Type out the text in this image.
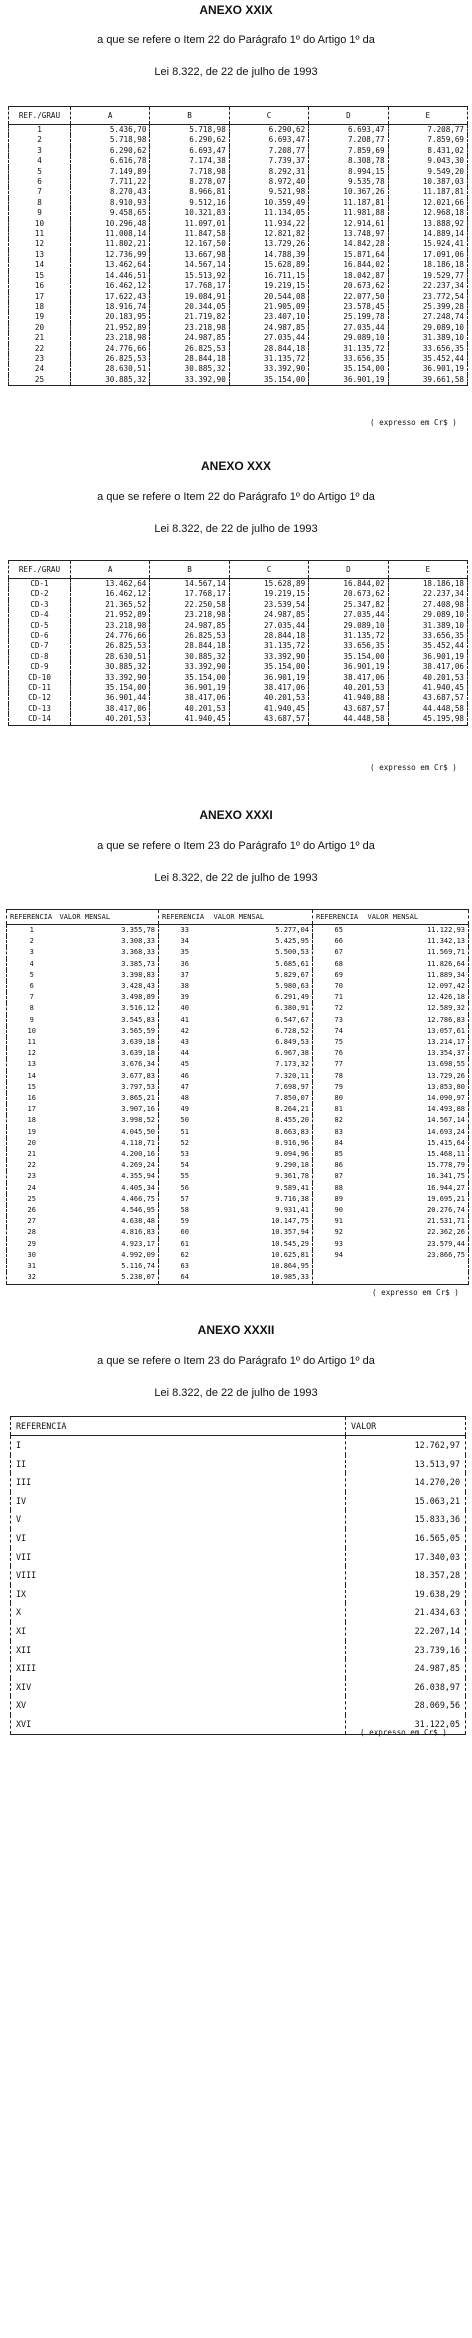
ANEXO XXIX
a que se refere o Item 22 do Parágrafo 1º do Artigo 1º da
Lei 8.322, de 22 de julho de 1993
REF./GRAU	A	B	C	D	E
1	5.436,70	5.718,98	6.290,62	6.693,47	7.208,77
2	5.718,98	6.290,62	6.693,47	7.208,77	7.859,69
3	6.290,62	6.693,47	7.208,77	7.859,69	8.431,02
4	6.616,78	7.174,38	7.739,37	8.308,78	9.043,30
5	7.149,89	7.718,98	8.292,31	8.994,15	9.549,20
6	7.711,22	8.278,07	8.972,40	9.535,78	10.387,03
7	8.270,43	8.966,81	9.521,98	10.367,26	11.187,81
8	8.910,93	9.512,16	10.359,49	11.187,81	12.021,66
9	9.458,65	10.321,83	11.134,05	11.981,88	12.968,18
10	10.296,48	11.097,01	11.934,22	12.914,61	13.888,92
11	11.008,14	11.847,58	12.821,82	13.748,97	14.889,14
12	11.802,21	12.167,50	13.729,26	14.842,28	15.924,41
13	12.736,99	13.667,98	14.788,39	15.871,64	17.091,06
14	13.462,64	14.567,14	15.628,89	16.844,02	18.186,18
15	14.446,51	15.513,92	16.711,15	18.042,87	19.529,77
16	16.462,12	17.768,17	19.219,15	20.673,62	22.237,34
17	17.622,43	19.084,91	20.544,08	22.077,50	23.772,54
18	18.916,74	20.344,05	21.905,09	23.578,45	25.399,28
19	20.183,95	21.719,82	23.407,10	25.199,78	27.248,74
20	21.952,89	23.218,98	24.987,85	27.035,44	29.089,10
21	23.218,98	24.987,85	27.035,44	29.089,10	31.389,10
22	24.776,66	26.825,53	28.844,18	31.135,72	33.656,35
23	26.825,53	28.844,18	31.135,72	33.656,35	35.452,44
24	28.630,51	30.885,32	33.392,90	35.154,00	36.901,19
25	30.885,32	33.392,90	35.154,00	36.901,19	39.661,58
( expresso em Cr$ )
ANEXO XXX
a que se refere o Item 22 do Parágrafo 1º do Artigo 1º da
Lei 8.322, de 22 de julho de 1993
REF./GRAU	A	B	C	D	E
CD-1	13.462,64	14.567,14	15.628,89	16.844,02	18.186,18
CD-2	16.462,12	17.768,17	19.219,15	20.673,62	22.237,34
CD-3	21.365,52	22.250,58	23.539,54	25.347,82	27.408,98
CD-4	21.952,89	23.218,98	24.987,85	27.035,44	29.089,10
CD-5	23.218,98	24.987,85	27.035,44	29.089,10	31.389,10
CD-6	24.776,66	26.825,53	28.844,18	31.135,72	33.656,35
CD-7	26.825,53	28.844,18	31.135,72	33.656,35	35.452,44
CD-8	28.630,51	30.885,32	33.392,90	35.154,00	36.901,19
CD-9	30.885,32	33.392,90	35.154,00	36.901,19	38.417,06
CD-10	33.392,90	35.154,00	36.901,19	38.417,06	40.201,53
CD-11	35.154,00	36.901,19	38.417,06	40.201,53	41.940,45
CD-12	36.901,44	38.417,06	40.201,53	41.940,88	43.687,57
CD-13	38.417,06	40.201,53	41.940,45	43.687,57	44.448,58
CD-14	40.201,53	41.940,45	43.687,57	44.448,58	45.195,98
( expresso em Cr$ )
ANEXO XXXI
a que se refere o Item 23 do Parágrafo 1º do Artigo 1º da
Lei 8.322, de 22 de julho de 1993
REFERENCIA	VALOR MENSAL	REFERENCIA	VALOR MENSAL	REFERENCIA	VALOR MENSAL
1	3.355,78	33	5.277,04	65	11.122,93
2	3.308,33	34	5.425,95	66	11.342,13
3	3.368,33	35	5.500,53	67	11.569,71
4	3.385,73	36	5.685,61	68	11.826,64
5	3.398,83	37	5.829,67	69	11.889,34
6	3.428,43	38	5.980,63	70	12.097,42
7	3.498,89	39	6.291,49	71	12.426,18
8	3.516,12	40	6.380,91	72	12.589,32
9	3.545,83	41	6.547,67	73	12.786,83
10	3.565,59	42	6.728,52	74	13.057,61
11	3.639,18	43	6.849,53	75	13.214,17
12	3.639,18	44	6.967,38	76	13.354,37
13	3.676,34	45	7.173,32	77	13.698,55
14	3.677,83	46	7.320,11	78	13.729,26
15	3.797,53	47	7.698,97	79	13.853,80
16	3.865,21	48	7.850,07	80	14.090,97
17	3.907,16	49	8.264,21	81	14.493,88
18	3.998,52	50	8.455,20	82	14.567,14
19	4.045,50	51	8.663,83	83	14.693,24
20	4.118,71	52	8.916,96	84	15.415,64
21	4.200,16	53	9.094,96	85	15.468,11
22	4.269,24	54	9.290,18	86	15.778,79
23	4.355,94	55	9.361,78	87	16.341,75
24	4.405,34	56	9.589,41	88	16.944,27
25	4.466,75	57	9.716,38	89	19.695,21
26	4.546,95	58	9.931,41	90	20.276,74
27	4.638,48	59	10.147,75	91	21.531,71
28	4.816,83	60	10.357,94	92	22.362,26
29	4.923,17	61	10.545,29	93	23.579,44
30	4.992,09	62	10.625,81	94	23.866,75
31	5.116,74	63	10.864,95		
32	5.238,07	64	10.985,33		
( expresso em Cr$ )
ANEXO XXXII
a que se refere o Item 23 do Parágrafo 1º do Artigo 1º da
Lei 8.322, de 22 de julho de 1993
REFERENCIA	VALOR
I	12.762,97
II	13.513,97
III	14.270,20
IV	15.063,21
V	15.833,36
VI	16.565,05
VII	17.340,03
VIII	18.357,28
IX	19.638,29
X	21.434,63
XI	22.207,14
XII	23.739,16
XIII	24.987,85
XIV	26.038,97
XV	28.069,56
XVI	31.122,05
( expresso em Cr$ )
